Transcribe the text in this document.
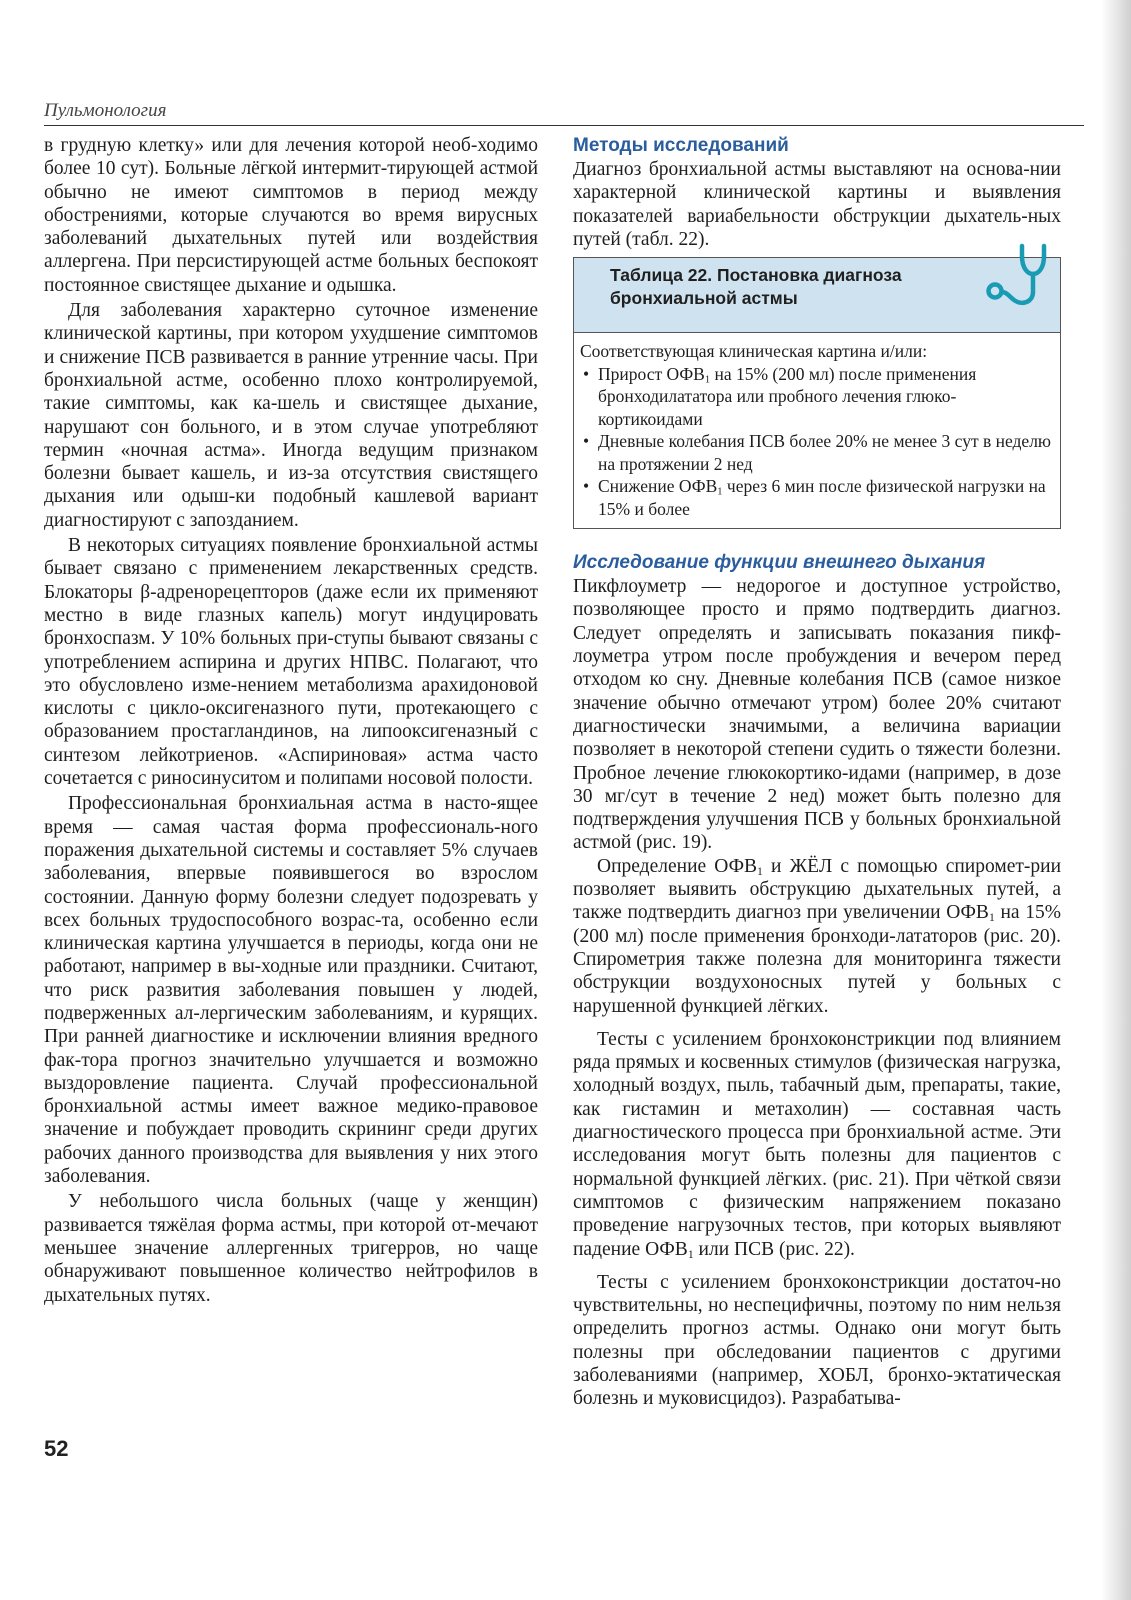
Пульмонология

в грудную клетку» или для лечения которой необ-ходимо более 10 сут). Больные лёгкой интермит-тирующей астмой обычно не имеют симптомов в период между обострениями, которые случаются во время вирусных заболеваний дыхательных путей или воздействия аллергена. При персистирующей астме больных беспокоят постоянное свистящее дыхание и одышка.

Для заболевания характерно суточное изменение клинической картины, при котором ухудшение симптомов и снижение ПСВ развивается в ранние утренние часы. При бронхиальной астме, особенно плохо контролируемой, такие симптомы, как ка-шель и свистящее дыхание, нарушают сон больного, и в этом случае употребляют термин «ночная астма». Иногда ведущим признаком болезни бывает кашель, и из-за отсутствия свистящего дыхания или одыш-ки подобный кашлевой вариант диагностируют с запозданием.

В некоторых ситуациях появление бронхиальной астмы бывает связано с применением лекарственных средств. Блокаторы β-адренорецепторов (даже если их применяют местно в виде глазных капель) могут индуцировать бронхоспазм. У 10% больных при-ступы бывают связаны с употреблением аспирина и других НПВС. Полагают, что это обусловлено изме-нением метаболизма арахидоновой кислоты с цикло-оксигеназного пути, протекающего с образованием простагландинов, на липооксигеназный с синтезом лейкотриенов. «Аспириновая» астма часто сочетается с риносинуситом и полипами носовой полости.

Профессиональная бронхиальная астма в насто-ящее время — самая частая форма профессиональ-ного поражения дыхательной системы и составляет 5% случаев заболевания, впервые появившегося во взрослом состоянии. Данную форму болезни следует подозревать у всех больных трудоспособного возрас-та, особенно если клиническая картина улучшается в периоды, когда они не работают, например в вы-ходные или праздники. Считают, что риск развития заболевания повышен у людей, подверженных ал-лергическим заболеваниям, и курящих. При ранней диагностике и исключении влияния вредного фак-тора прогноз значительно улучшается и возможно выздоровление пациента. Случай профессиональной бронхиальной астмы имеет важное медико-правовое значение и побуждает проводить скрининг среди других рабочих данного производства для выявления у них этого заболевания.

У небольшого числа больных (чаще у женщин) развивается тяжёлая форма астмы, при которой от-мечают меньшее значение аллергенных тригерров, но чаще обнаруживают повышенное количество нейтрофилов в дыхательных путях.

Методы исследований

Диагноз бронхиальной астмы выставляют на основа-нии характерной клинической картины и выявления показателей вариабельности обструкции дыхатель-ных путей (табл. 22).

Таблица 22. Постановка диагноза
бронхиальной астмы
Соответствующая клиническая картина и/или:
• Прирост $ОФВ_1$ на 15% (200 мл) после применения бронходилататора или пробного лечения глюко-кортикоидами
• Дневные колебания ПСВ более 20% не менее 3 сут в неделю на протяжении 2 нед
• Снижение $ОФВ_1$ через 6 мин после физической нагрузки на 15% и более
Исследование функции внешнего дыхания

Пикфлоуметр — недорогое и доступное устройство, позволяющее просто и прямо подтвердить диагноз. Следует определять и записывать показания пикф-лоуметра утром после пробуждения и вечером перед отходом ко сну. Дневные колебания ПСВ (самое низкое значение обычно отмечают утром) более 20% считают диагностически значимыми, а величина вариации позволяет в некоторой степени судить о тяжести болезни. Пробное лечение глюкокортико-идами (например, в дозе 30 мг/сут в течение 2 нед) может быть полезно для подтверждения улучшения ПСВ у больных бронхиальной астмой (рис. 19).

Определение $ОФВ_1$ и ЖЁЛ с помощью спиромет-рии позволяет выявить обструкцию дыхательных путей, а также подтвердить диагноз при увеличении $ОФВ_1$ на 15% (200 мл) после применения бронходи-лататоров (рис. 20). Спирометрия также полезна для мониторинга тяжести обструкции воздухоносных путей у больных с нарушенной функцией лёгких.

Тесты с усилением бронхоконстрикции под влиянием ряда прямых и косвенных стимулов (физическая нагрузка, холодный воздух, пыль, табачный дым, препараты, такие, как гистамин и метахолин) — составная часть диагностического процесса при бронхиальной астме. Эти исследования могут быть полезны для пациентов с нормальной функцией лёгких. (рис. 21). При чёткой связи симптомов с физическим напряжением показано проведение нагрузочных тестов, при которых выявляют падение $ОФВ_1$ или ПСВ (рис. 22).

Тесты с усилением бронхоконстрикции достаточ-но чувствительны, но неспецифичны, поэтому по ним нельзя определить прогноз астмы. Однако они могут быть полезны при обследовании пациентов с другими заболеваниями (например, ХОБЛ, бронхо-эктатическая болезнь и муковисцидоз). Разрабатыва-

52
